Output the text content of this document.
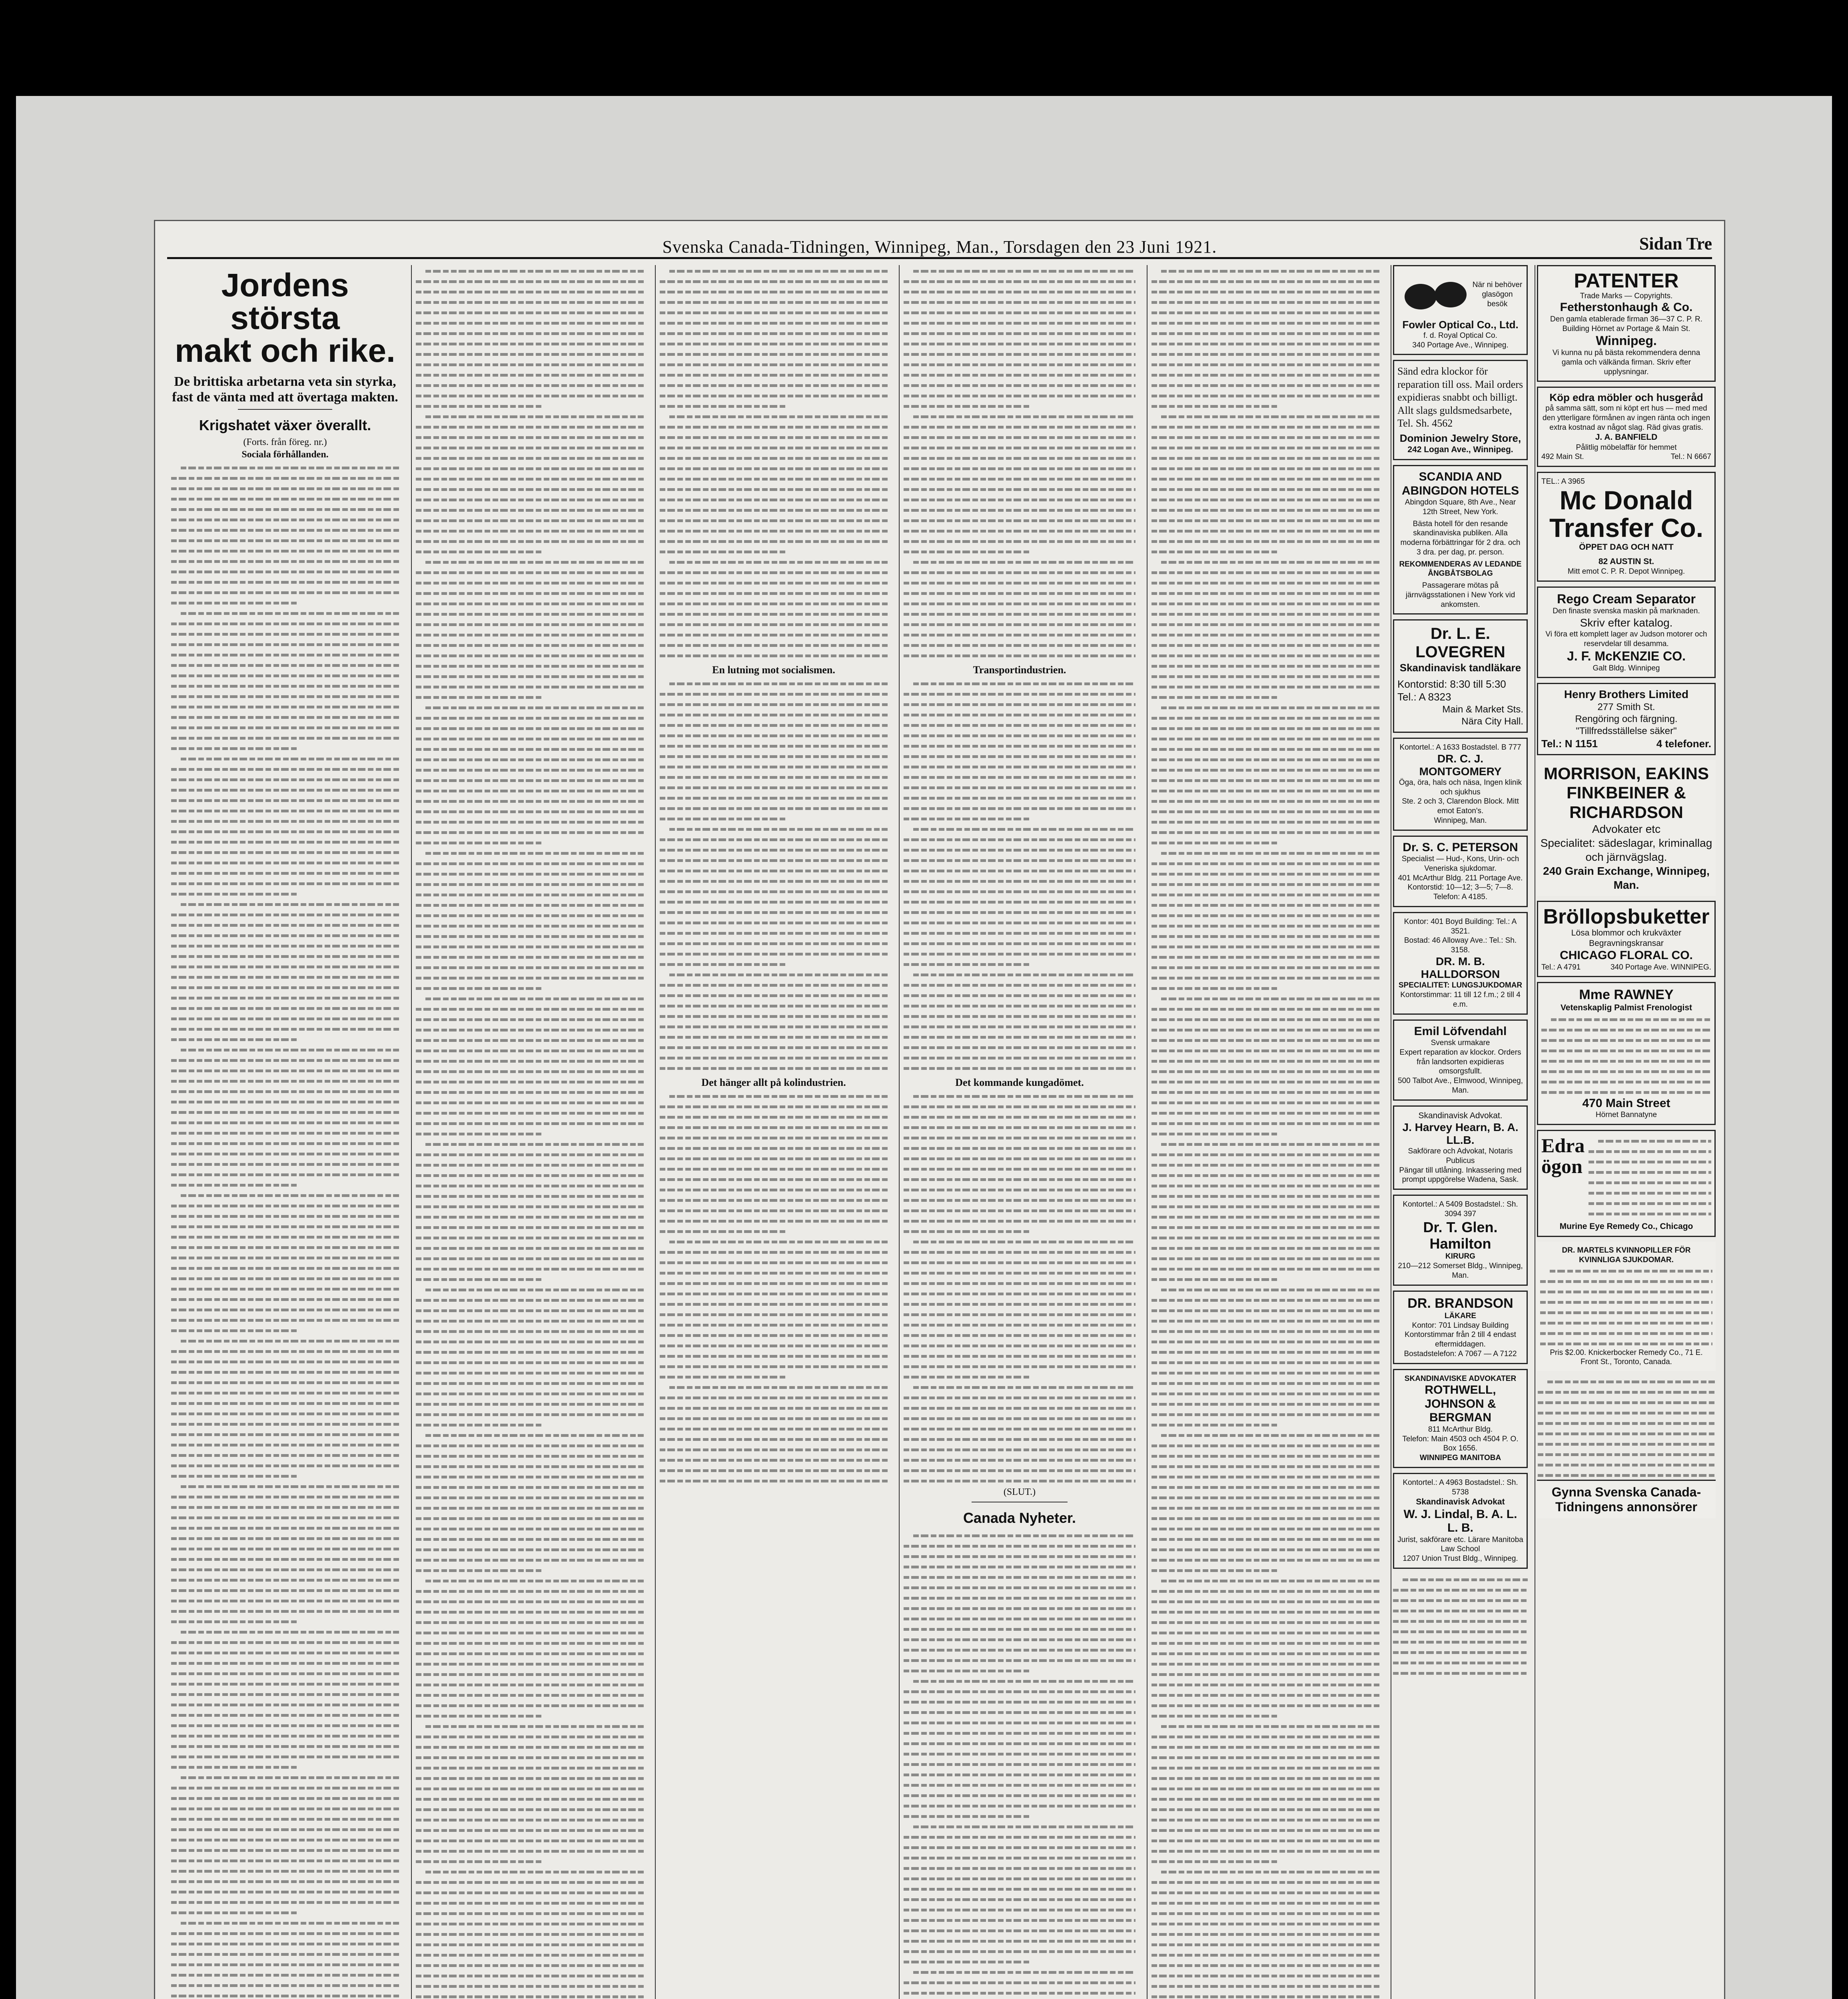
Svenska Canada-Tidningen, Winnipeg, Man., Torsdagen den 23 Juni 1921.	Sidan Tre
Jordens största
makt och rike.
De brittiska arbetarna veta sin styrka, fast de vänta med att övertaga makten.
Krigshatet växer överallt.
(Forts. från föreg. nr.)
Sociala förhållanden.
En lutning mot socialismen.
Det hänger allt på kolindustrien.
Transportindustrien.
Det kommande kungadömet.
(SLUT.)
Canada Nyheter.
När ni behöver glasögon besök
Fowler Optical Co., Ltd.
f. d. Royal Optical Co.
340 Portage Ave., Winnipeg.
Sänd edra klockor för reparation till oss. Mail orders expidieras snabbt och billigt. Allt slags guldsmedsarbete, Tel. Sh. 4562
Dominion Jewelry Store,
242 Logan Ave., Winnipeg.
SCANDIA AND ABINGDON HOTELS
Abingdon Square, 8th Ave., Near 12th Street, New York.
Bästa hotell för den resande skandinaviska publiken. Alla moderna förbättringar för 2 dra. och 3 dra. per dag, pr. person.
REKOMMENDERAS AV LEDANDE ÅNGBÅTSBOLAG
Passagerare mötas på järnvägsstationen i New York vid ankomsten.
Dr. L. E. LOVEGREN
Skandinavisk tandläkare
Kontorstid: 8:30 till 5:30
Tel.: A 8323
Main & Market Sts.
Nära City Hall.
Kontortel.: A 1633 Bostadstel. B 777
DR. C. J. MONTGOMERY
Öga, öra, hals och näsa, Ingen klinik och sjukhus
Ste. 2 och 3, Clarendon Block. Mitt emot Eaton's.
Winnipeg, Man.
Dr. S. C. PETERSON
Specialist — Hud-, Kons, Urin- och Veneriska sjukdomar.
401 McArthur Bldg. 211 Portage Ave.
Kontorstid: 10—12; 3—5; 7—8.
Telefon: A 4185.
Kontor: 401 Boyd Building: Tel.: A 3521.
Bostad: 46 Alloway Ave.: Tel.: Sh. 3158.
DR. M. B. HALLDORSON
SPECIALITET: LUNGSJUKDOMAR
Kontorstimmar: 11 till 12 f.m.; 2 till 4 e.m.
Emil Löfvendahl
Svensk urmakare
Expert reparation av klockor. Orders från landsorten expidieras omsorgsfullt.
500 Talbot Ave., Elmwood, Winnipeg, Man.
Skandinavisk Advokat.
J. Harvey Hearn, B. A. LL.B.
Sakförare och Advokat, Notaris Publicus
Pängar till utlåning. Inkassering med prompt uppgörelse Wadena, Sask.
Kontortel.: A 5409 Bostadstel.: Sh. 3094 397
Dr. T. Glen. Hamilton
KIRURG
210—212 Somerset Bldg., Winnipeg, Man.
DR. BRANDSON
LÄKARE
Kontor: 701 Lindsay Building
Kontorstimmar från 2 till 4 endast eftermiddagen.
Bostadstelefon: A 7067 — A 7122
SKANDINAVISKE ADVOKATER
ROTHWELL, JOHNSON & BERGMAN
811 McArthur Bldg.
Telefon: Main 4503 och 4504 P. O. Box 1656.
WINNIPEG MANITOBA
Kontortel.: A 4963 Bostadstel.: Sh. 5738
Skandinavisk Advokat
W. J. Lindal, B. A. L. L. B.
Jurist, sakförare etc. Lärare Manitoba Law School
1207 Union Trust Bldg., Winnipeg.
PATENTER
Trade Marks — Copyrights.
Fetherstonhaugh & Co.
Den gamla etablerade firman 36—37 C. P. R. Building Hörnet av Portage & Main St.
Winnipeg.
Vi kunna nu på bästa rekommendera denna gamla och välkända firman. Skriv efter upplysningar.
Köp edra möbler och husgeråd
på samma sätt, som ni köpt ert hus — med med den ytterligare förmånen av ingen ränta och ingen extra kostnad av något slag. Räd givas gratis.
J. A. BANFIELD
Pålitlig möbelaffär för hemmet
492 Main St.	Tel.: N 6667
TEL.: A 3965
Mc Donald
Transfer Co.
ÖPPET DAG OCH NATT
82 AUSTIN St.
Mitt emot C. P. R. Depot Winnipeg.
Rego Cream Separator
Den finaste svenska maskin på marknaden.
Skriv efter katalog.
Vi föra ett komplett lager av Judson motorer och reservdelar till desamma.
J. F. McKENZIE CO.
Galt Bldg. Winnipeg
Henry Brothers Limited
277 Smith St.
Rengöring och färgning. "Tillfredsställelse säker"
Tel.: N 1151	4 telefoner.
MORRISON, EAKINS FINKBEINER & RICHARDSON
Advokater etc
Specialitet: sädeslagar, kriminallag och järnvägslag.
240 Grain Exchange, Winnipeg, Man.
Bröllopsbuketter
Lösa blommor och krukväxter Begravningskransar
CHICAGO FLORAL CO.
Tel.: A 4791	340 Portage Ave. WINNIPEG.
Mme RAWNEY
Vetenskaplig Palmist Frenologist
470 Main Street
Hörnet Bannatyne
Edra ögon
Murine Eye Remedy Co., Chicago
DR. MARTELS KVINNOPILLER FÖR KVINNLIGA SJUKDOMAR.
Pris $2.00. Knickerbocker Remedy Co., 71 E. Front St., Toronto, Canada.
Gynna Svenska Canada-Tidningens annonsörer
